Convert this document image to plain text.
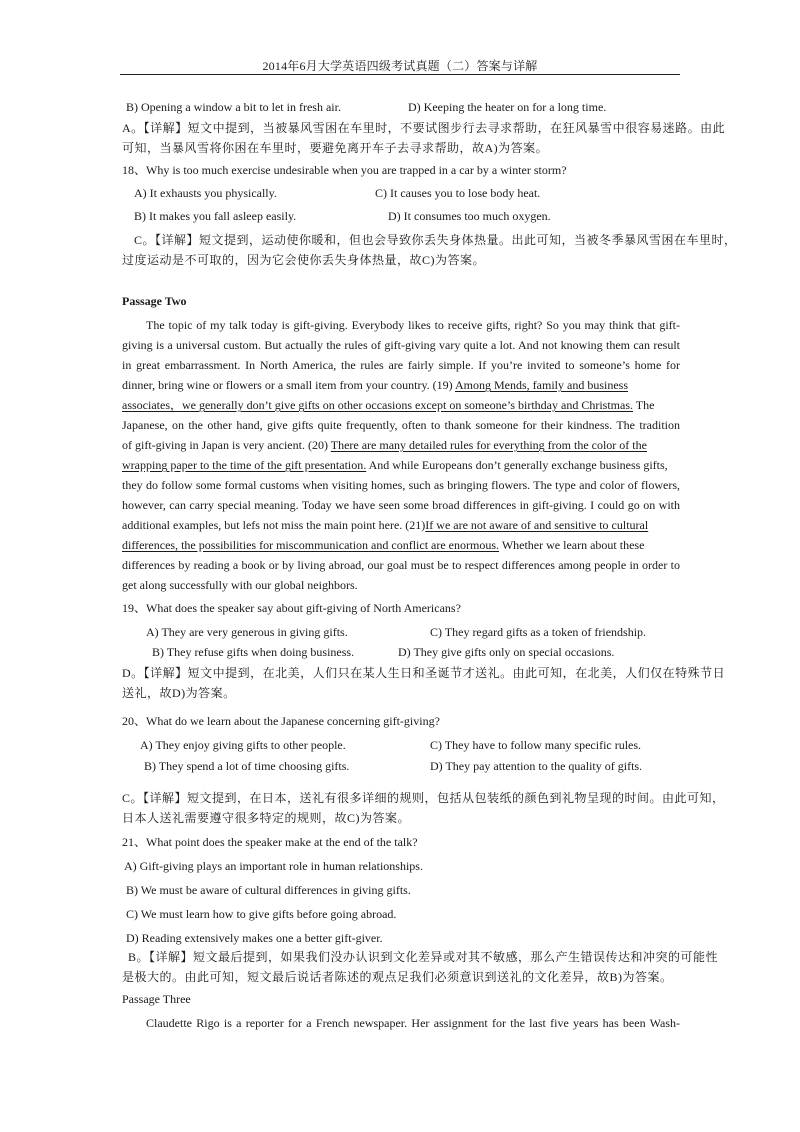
2014年6月大学英语四级考试真题（二）答案与详解
B) Opening a window a bit to let in fresh air.	D) Keeping the heater on for a long time.
A。【详解】短文中提到，当被暴风雪困在车里时，不要试图步行去寻求帮助，在狂风暴雪中很容易迷路。由此
可知，当暴风雪将你困在车里时，要避免离开车子去寻求帮助，故A)为答案。
18、Why is too much exercise undesirable when you are trapped in a car by a winter storm?
A) It exhausts you physically.	C) It causes you to lose body heat.
B) It makes you fall asleep easily.	D) It consumes too much oxygen.
C。【详解】短文提到，运动使你暖和，但也会导致你丢失身体热量。出此可知，当被冬季暴风雪困在车里时，
过度运动是不可取的，因为它会使你丢失身体热量，故C)为答案。
Passage Two
The topic of my talk today is gift-giving. Everybody likes to receive gifts, right? So you may think that gift-
giving is a universal custom. But actually the rules of gift-giving vary quite a lot. And not knowing them can result
in great embarrassment. In North America, the rules are fairly simple. If you’re invited to someone’s home for
dinner, bring wine or flowers or a small item from your country. (19) Among Mends, family and business
associates，we generally don’t give gifts on other occasions except on someone’s birthday and Christmas. The
Japanese, on the other hand, give gifts quite frequently, often to thank someone for their kindness. The tradition
of gift-giving in Japan is very ancient. (20) There are many detailed rules for everything from the color of the
wrapping paper to the time of the gift presentation. And while Europeans don’t generally exchange business gifts,
they do follow some formal customs when visiting homes, such as bringing flowers. The type and color of flowers,
however, can carry special meaning. Today we have seen some broad differences in gift-giving. I could go on with
additional examples, but lefs not miss the main point here. (21)If we are not aware of and sensitive to cultural
differences, the possibilities for miscommunication and conflict are enormous. Whether we learn about these
differences by reading a book or by living abroad, our goal must be to respect differences among people in order to
get along successfully with our global neighbors.
19、What does the speaker say about gift-giving of North Americans?
A) They are very generous in giving gifts.	C) They regard gifts as a token of friendship.
B) They refuse gifts when doing business.	D) They give gifts only on special occasions.
D。【详解】短文中提到，在北美，人们只在某人生日和圣诞节才送礼。由此可知，在北美，人们仅在特殊节日
送礼，故D)为答案。
20、What do we learn about the Japanese concerning gift-giving?
A) They enjoy giving gifts to other people.	C) They have to follow many specific rules.
B) They spend a lot of time choosing gifts.	D) They pay attention to the quality of gifts.
C。【详解】短文提到，在日本，送礼有很多详细的规则，包括从包装纸的颜色到礼物呈现的时间。由此可知，
日本人送礼需要遵守很多特定的规则，故C)为答案。
21、What point does the speaker make at the end of the talk?
A) Gift-giving plays an important role in human relationships.
B) We must be aware of cultural differences in giving gifts.
C) We must learn how to give gifts before going abroad.
D) Reading extensively makes one a better gift-giver.
B。【详解】短文最后提到，如果我们没办认识到文化差异或对其不敏感，那么产生错误传达和冲突的可能性
是极大的。由此可知，短文最后说话者陈述的观点足我们必须意识到送礼的文化差异，故B)为答案。
Passage Three
Claudette Rigo is a reporter for a French newspaper. Her assignment for the last five years has been Wash-
